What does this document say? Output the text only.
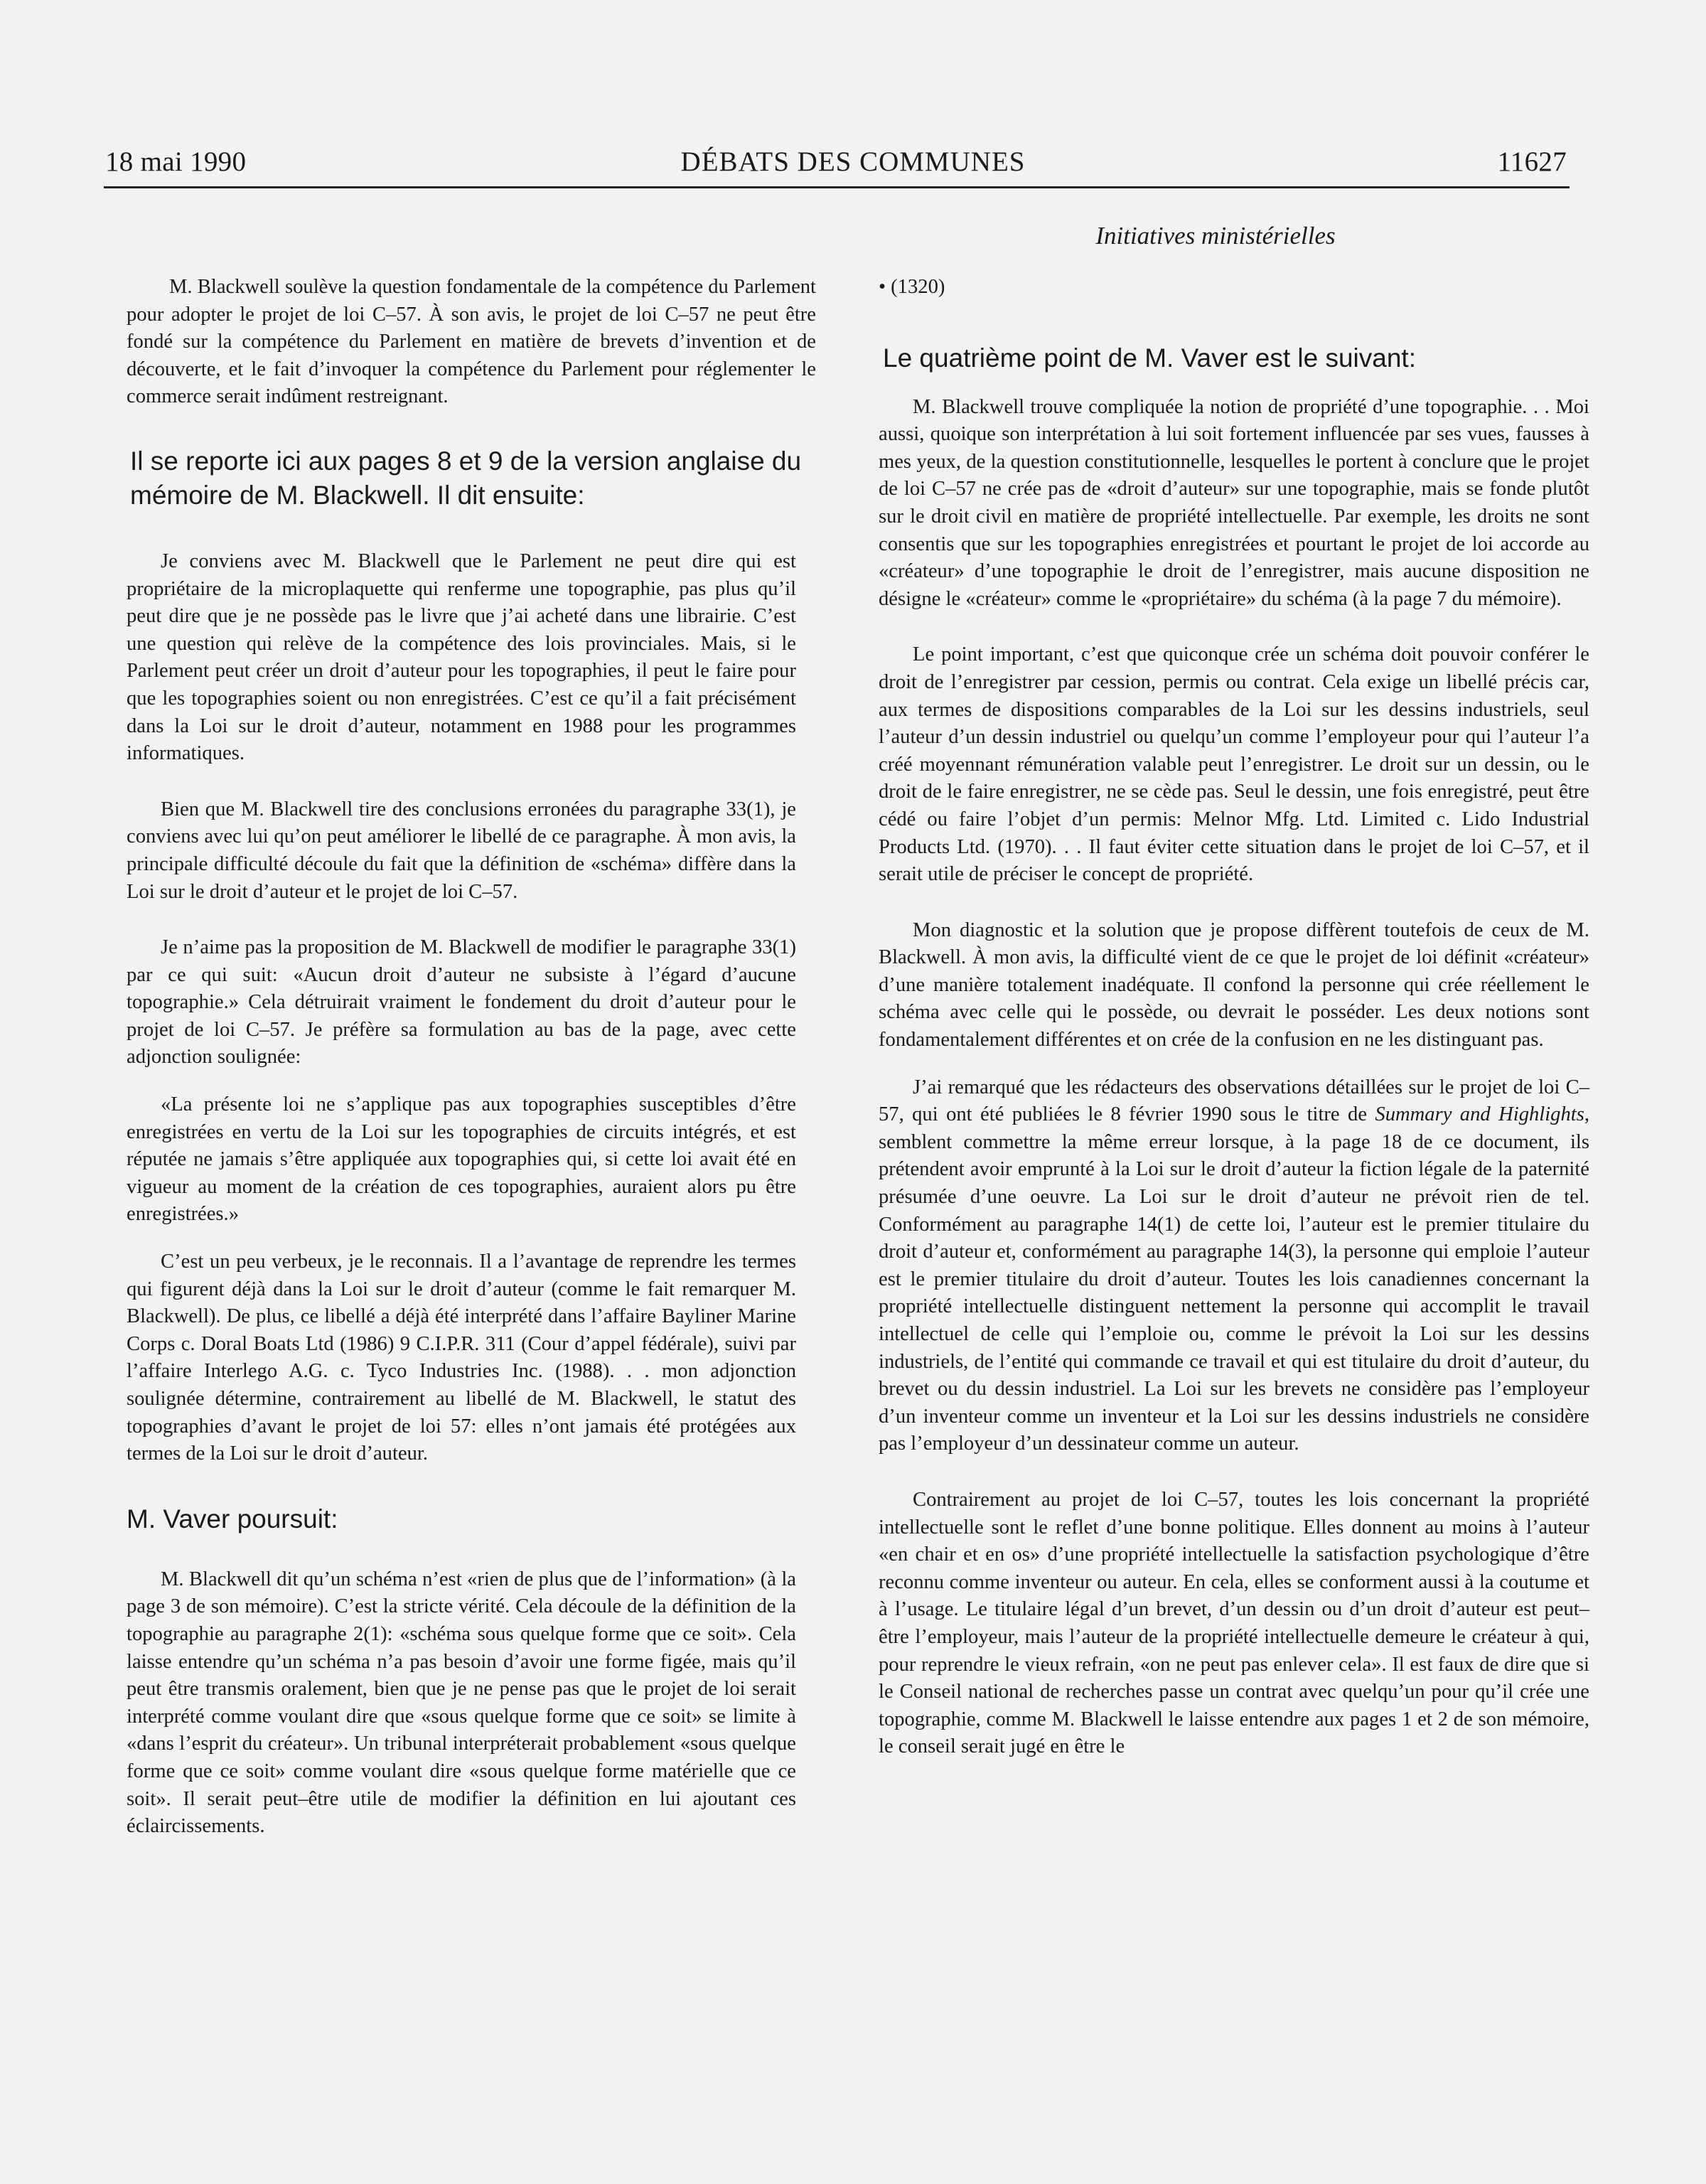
18 mai 1990	DÉBATS DES COMMUNES	11627
Initiatives ministérielles

M. Blackwell soulève la question fondamentale de la compétence du Parlement pour adopter le projet de loi C–57. À son avis, le projet de loi C–57 ne peut être fondé sur la compétence du Parlement en matière de brevets d’invention et de découverte, et le fait d’invoquer la compétence du Parlement pour réglementer le commerce serait indûment restreignant.

Il se reporte ici aux pages 8 et 9 de la version anglaise du mémoire de M. Blackwell. Il dit ensuite:

Je conviens avec M. Blackwell que le Parlement ne peut dire qui est propriétaire de la microplaquette qui renferme une topographie, pas plus qu’il peut dire que je ne possède pas le livre que j’ai acheté dans une librairie. C’est une question qui relève de la compétence des lois provinciales. Mais, si le Parlement peut créer un droit d’auteur pour les topographies, il peut le faire pour que les topographies soient ou non enregistrées. C’est ce qu’il a fait précisément dans la Loi sur le droit d’auteur, notamment en 1988 pour les programmes informatiques.

Bien que M. Blackwell tire des conclusions erronées du paragraphe 33(1), je conviens avec lui qu’on peut améliorer le libellé de ce paragraphe. À mon avis, la principale difficulté découle du fait que la définition de «schéma» diffère dans la Loi sur le droit d’auteur et le projet de loi C–57.

Je n’aime pas la proposition de M. Blackwell de modifier le paragraphe 33(1) par ce qui suit: «Aucun droit d’auteur ne subsiste à l’égard d’aucune topographie.» Cela détruirait vraiment le fondement du droit d’auteur pour le projet de loi C–57. Je préfère sa formulation au bas de la page, avec cette adjonction soulignée:

«La présente loi ne s’applique pas aux topographies susceptibles d’être enregistrées en vertu de la Loi sur les topographies de circuits intégrés, et est réputée ne jamais s’être appliquée aux topographies qui, si cette loi avait été en vigueur au moment de la création de ces topographies, auraient alors pu être enregistrées.»

C’est un peu verbeux, je le reconnais. Il a l’avantage de reprendre les termes qui figurent déjà dans la Loi sur le droit d’auteur (comme le fait remarquer M. Blackwell). De plus, ce libellé a déjà été interprété dans l’affaire Bayliner Marine Corps c. Doral Boats Ltd (1986) 9 C.I.P.R. 311 (Cour d’appel fédérale), suivi par l’affaire Interlego A.G. c. Tyco Industries Inc. (1988). . . mon adjonction soulignée détermine, contrairement au libellé de M. Blackwell, le statut des topographies d’avant le projet de loi 57: elles n’ont jamais été protégées aux termes de la Loi sur le droit d’auteur.

M. Vaver poursuit:

M. Blackwell dit qu’un schéma n’est «rien de plus que de l’information» (à la page 3 de son mémoire). C’est la stricte vérité. Cela découle de la définition de la topographie au paragraphe 2(1): «schéma sous quelque forme que ce soit». Cela laisse entendre qu’un schéma n’a pas besoin d’avoir une forme figée, mais qu’il peut être transmis oralement, bien que je ne pense pas que le projet de loi serait interprété comme voulant dire que «sous quelque forme que ce soit» se limite à «dans l’esprit du créateur». Un tribunal interpréterait probablement «sous quelque forme que ce soit» comme voulant dire «sous quelque forme matérielle que ce soit». Il serait peut–être utile de modifier la définition en lui ajoutant ces éclaircissements.

• (1320)
Le quatrième point de M. Vaver est le suivant:

M. Blackwell trouve compliquée la notion de propriété d’une topographie. . . Moi aussi, quoique son interprétation à lui soit fortement influencée par ses vues, fausses à mes yeux, de la question constitutionnelle, lesquelles le portent à conclure que le projet de loi C–57 ne crée pas de «droit d’auteur» sur une topographie, mais se fonde plutôt sur le droit civil en matière de propriété intellectuelle. Par exemple, les droits ne sont consentis que sur les topographies enregistrées et pourtant le projet de loi accorde au «créateur» d’une topographie le droit de l’enregistrer, mais aucune disposition ne désigne le «créateur» comme le «propriétaire» du schéma (à la page 7 du mémoire).

Le point important, c’est que quiconque crée un schéma doit pouvoir conférer le droit de l’enregistrer par cession, permis ou contrat. Cela exige un libellé précis car, aux termes de dispositions comparables de la Loi sur les dessins industriels, seul l’auteur d’un dessin industriel ou quelqu’un comme l’employeur pour qui l’auteur l’a créé moyennant rémunération valable peut l’enregistrer. Le droit sur un dessin, ou le droit de le faire enregistrer, ne se cède pas. Seul le dessin, une fois enregistré, peut être cédé ou faire l’objet d’un permis: Melnor Mfg. Ltd. Limited c. Lido Industrial Products Ltd. (1970). . . Il faut éviter cette situation dans le projet de loi C–57, et il serait utile de préciser le concept de propriété.

Mon diagnostic et la solution que je propose diffèrent toutefois de ceux de M. Blackwell. À mon avis, la difficulté vient de ce que le projet de loi définit «créateur» d’une manière totalement inadéquate. Il confond la personne qui crée réellement le schéma avec celle qui le possède, ou devrait le posséder. Les deux notions sont fondamentalement différentes et on crée de la confusion en ne les distinguant pas.

J’ai remarqué que les rédacteurs des observations détaillées sur le projet de loi C–57, qui ont été publiées le 8 février 1990 sous le titre de Summary and Highlights, semblent commettre la même erreur lorsque, à la page 18 de ce document, ils prétendent avoir emprunté à la Loi sur le droit d’auteur la fiction légale de la paternité présumée d’une oeuvre. La Loi sur le droit d’auteur ne prévoit rien de tel. Conformément au paragraphe 14(1) de cette loi, l’auteur est le premier titulaire du droit d’auteur et, conformément au paragraphe 14(3), la personne qui emploie l’auteur est le premier titulaire du droit d’auteur. Toutes les lois canadiennes concernant la propriété intellectuelle distinguent nettement la personne qui accomplit le travail intellectuel de celle qui l’emploie ou, comme le prévoit la Loi sur les dessins industriels, de l’entité qui commande ce travail et qui est titulaire du droit d’auteur, du brevet ou du dessin industriel. La Loi sur les brevets ne considère pas l’employeur d’un inventeur comme un inventeur et la Loi sur les dessins industriels ne considère pas l’employeur d’un dessinateur comme un auteur.

Contrairement au projet de loi C–57, toutes les lois concernant la propriété intellectuelle sont le reflet d’une bonne politique. Elles donnent au moins à l’auteur «en chair et en os» d’une propriété intellectuelle la satisfaction psychologique d’être reconnu comme inventeur ou auteur. En cela, elles se conforment aussi à la coutume et à l’usage. Le titulaire légal d’un brevet, d’un dessin ou d’un droit d’auteur est peut–être l’employeur, mais l’auteur de la propriété intellectuelle demeure le créateur à qui, pour reprendre le vieux refrain, «on ne peut pas enlever cela». Il est faux de dire que si le Conseil national de recherches passe un contrat avec quelqu’un pour qu’il crée une topographie, comme M. Blackwell le laisse entendre aux pages 1 et 2 de son mémoire, le conseil serait jugé en être le
